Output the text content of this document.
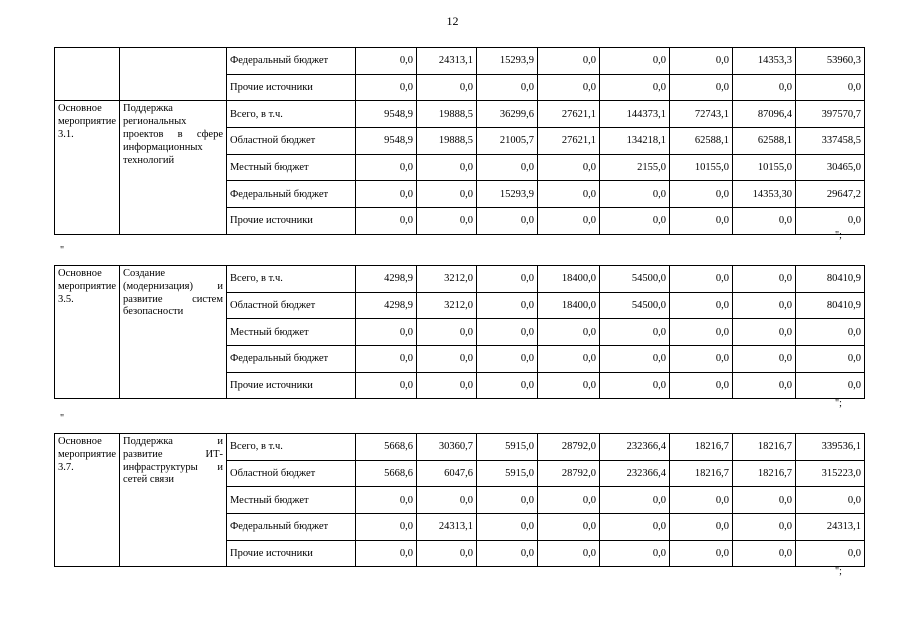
12
		Федеральный бюджет	0,0	24313,1	15293,9	0,0	0,0	0,0	14353,3	53960,3
		Прочие источники	0,0	0,0	0,0	0,0	0,0	0,0	0,0	0,0
Основное мероприятие 3.1.	Поддержка региональных проектов в сфере информационных технологий	Всего, в т.ч.	9548,9	19888,5	36299,6	27621,1	144373,1	72743,1	87096,4	397570,7
		Областной бюджет	9548,9	19888,5	21005,7	27621,1	134218,1	62588,1	62588,1	337458,5
		Местный бюджет	0,0	0,0	0,0	0,0	2155,0	10155,0	10155,0	30465,0
		Федеральный бюджет	0,0	0,0	15293,9	0,0	0,0	0,0	14353,30	29647,2
		Прочие источники	0,0	0,0	0,0	0,0	0,0	0,0	0,0	0,0
";
"
Основное мероприятие 3.5.	Создание (модернизация) и развитие систем безопасности	Всего, в т.ч.	4298,9	3212,0	0,0	18400,0	54500,0	0,0	0,0	80410,9
		Областной бюджет	4298,9	3212,0	0,0	18400,0	54500,0	0,0	0,0	80410,9
		Местный бюджет	0,0	0,0	0,0	0,0	0,0	0,0	0,0	0,0
		Федеральный бюджет	0,0	0,0	0,0	0,0	0,0	0,0	0,0	0,0
		Прочие источники	0,0	0,0	0,0	0,0	0,0	0,0	0,0	0,0
";
"
Основное мероприятие 3.7.	Поддержка и развитие ИТ-инфраструктуры и сетей связи	Всего, в т.ч.	5668,6	30360,7	5915,0	28792,0	232366,4	18216,7	18216,7	339536,1
		Областной бюджет	5668,6	6047,6	5915,0	28792,0	232366,4	18216,7	18216,7	315223,0
		Местный бюджет	0,0	0,0	0,0	0,0	0,0	0,0	0,0	0,0
		Федеральный бюджет	0,0	24313,1	0,0	0,0	0,0	0,0	0,0	24313,1
		Прочие источники	0,0	0,0	0,0	0,0	0,0	0,0	0,0	0,0
";
